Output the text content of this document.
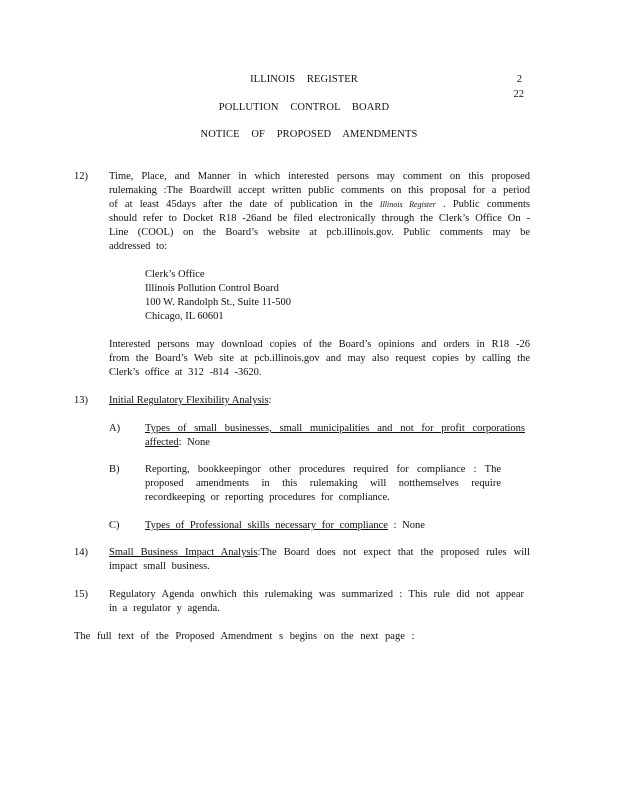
ILLINOIS REGISTER	2
22
POLLUTION CONTROL BOARD
NOTICE OF PROPOSED AMENDMENTS
12) Time, Place, and Manner in which interested persons may comment on this proposed rulemaking :The Boardwill accept written public comments on this proposal for a period of at least 45days after the date of publication in the Illinois Register . Public comments should refer to Docket R18 -26and be filed electronically through the Clerk’s Office On -Line (COOL) on the Board’s website at pcb.illinois.gov. Public comments may be addressed to:
Clerk’s Office
Illinois Pollution Control Board
100 W. Randolph St., Suite 11-500
Chicago, IL 60601
Interested persons may download copies of the Board’s opinions and orders in R18 -26 from the Board’s Web site at pcb.illinois.gov and may also request copies by calling the Clerk’s office at 312 -814 -3620.
13) Initial Regulatory Flexibility Analysis:
A) Types of small businesses, small municipalities and not for profit corporations affected: None
B) Reporting, bookkeepingor other procedures required for compliance : The proposed amendments in this rulemaking will notthemselves require recordkeeping or reporting procedures for compliance.
C) Types of Professional skills necessary for compliance : None
14) Small Business Impact Analysis:The Board does not expect that the proposed rules will impact small business.
15) Regulatory Agenda onwhich this rulemaking was summarized : This rule did not appear in a regulator y agenda.
The full text of the Proposed Amendment s begins on the next page :
